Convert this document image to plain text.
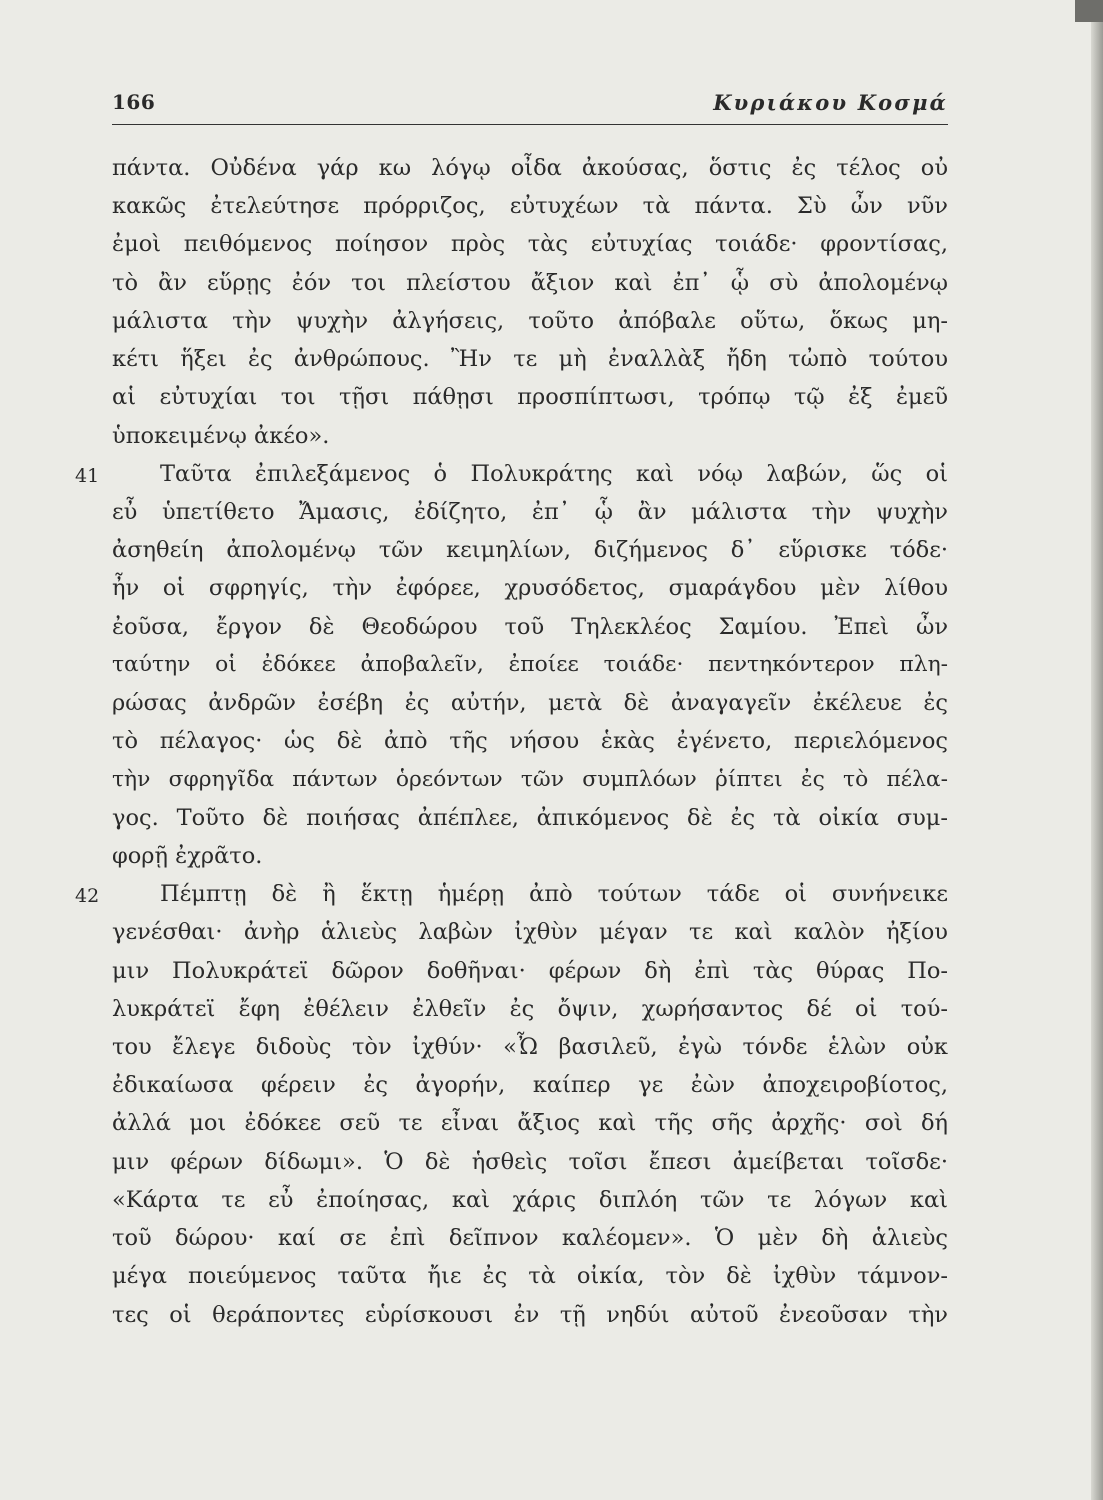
166	Κυριάκου Κοσμά
πάντα. Οὐδένα γάρ κω λόγῳ οἶδα ἀκούσας, ὅστις ἐς τέλος οὐ
κακῶς ἐτελεύτησε πρόρριζος, εὐτυχέων τὰ πάντα. Σὺ ὦν νῦν
ἐμοὶ πειθόμενος ποίησον πρὸς τὰς εὐτυχίας τοιάδε· φροντίσας,
τὸ ἂν εὕρῃς ἐόν τοι πλείστου ἄξιον καὶ ἐπ᾽ ᾧ σὺ ἀπολομένῳ
μάλιστα τὴν ψυχὴν ἀλγήσεις, τοῦτο ἀπόβαλε οὕτω, ὅκως μη-
κέτι ἥξει ἐς ἀνθρώπους. Ἢν τε μὴ ἐναλλὰξ ἤδη τὠπὸ τούτου
αἱ εὐτυχίαι τοι τῇσι πάθῃσι προσπίπτωσι, τρόπῳ τῷ ἐξ ἐμεῦ
ὑποκειμένῳ ἀκέο».
41	Ταῦτα ἐπιλεξάμενος ὁ Πολυκράτης καὶ νόῳ λαβών, ὥς οἱ
εὖ ὑπετίθετο Ἄμασις, ἐδίζητο, ἐπ᾽ ᾧ ἂν μάλιστα τὴν ψυχὴν
ἀσηθείη ἀπολομένῳ τῶν κειμηλίων, διζήμενος δ᾽ εὕρισκε τόδε·
ἦν οἱ σφρηγίς, τὴν ἐφόρεε, χρυσόδετος, σμαράγδου μὲν λίθου
ἐοῦσα, ἔργον δὲ Θεοδώρου τοῦ Τηλεκλέος Σαμίου. Ἐπεὶ ὦν
ταύτην οἱ ἐδόκεε ἀποβαλεῖν, ἐποίεε τοιάδε· πεντηκόντερον πλη-
ρώσας ἀνδρῶν ἐσέβη ἐς αὐτήν, μετὰ δὲ ἀναγαγεῖν ἐκέλευε ἐς
τὸ πέλαγος· ὡς δὲ ἀπὸ τῆς νήσου ἑκὰς ἐγένετο, περιελόμενος
τὴν σφρηγῖδα πάντων ὁρεόντων τῶν συμπλόων ῥίπτει ἐς τὸ πέλα-
γος. Τοῦτο δὲ ποιήσας ἀπέπλεε, ἀπικόμενος δὲ ἐς τὰ οἰκία συμ-
φορῇ ἐχρᾶτο.
42	Πέμπτῃ δὲ ἢ ἕκτῃ ἡμέρῃ ἀπὸ τούτων τάδε οἱ συνήνεικε
γενέσθαι· ἀνὴρ ἁλιεὺς λαβὼν ἰχθὺν μέγαν τε καὶ καλὸν ἠξίου
μιν Πολυκράτεϊ δῶρον δοθῆναι· φέρων δὴ ἐπὶ τὰς θύρας Πο-
λυκράτεϊ ἔφη ἐθέλειν ἐλθεῖν ἐς ὄψιν, χωρήσαντος δέ οἱ τού-
του ἔλεγε διδοὺς τὸν ἰχθύν· «Ὦ βασιλεῦ, ἐγὼ τόνδε ἑλὼν οὐκ
ἐδικαίωσα φέρειν ἐς ἀγορήν, καίπερ γε ἐὼν ἀποχειροβίοτος,
ἀλλά μοι ἐδόκεε σεῦ τε εἶναι ἄξιος καὶ τῆς σῆς ἀρχῆς· σοὶ δή
μιν φέρων δίδωμι». Ὁ δὲ ἡσθεὶς τοῖσι ἔπεσι ἀμείβεται τοῖσδε·
«Κάρτα τε εὖ ἐποίησας, καὶ χάρις διπλόη τῶν τε λόγων καὶ
τοῦ δώρου· καί σε ἐπὶ δεῖπνον καλέομεν». Ὁ μὲν δὴ ἁλιεὺς
μέγα ποιεύμενος ταῦτα ἤιε ἐς τὰ οἰκία, τὸν δὲ ἰχθὺν τάμνον-
τες οἱ θεράποντες εὑρίσκουσι ἐν τῇ νηδύι αὐτοῦ ἐνεοῦσαν τὴν
